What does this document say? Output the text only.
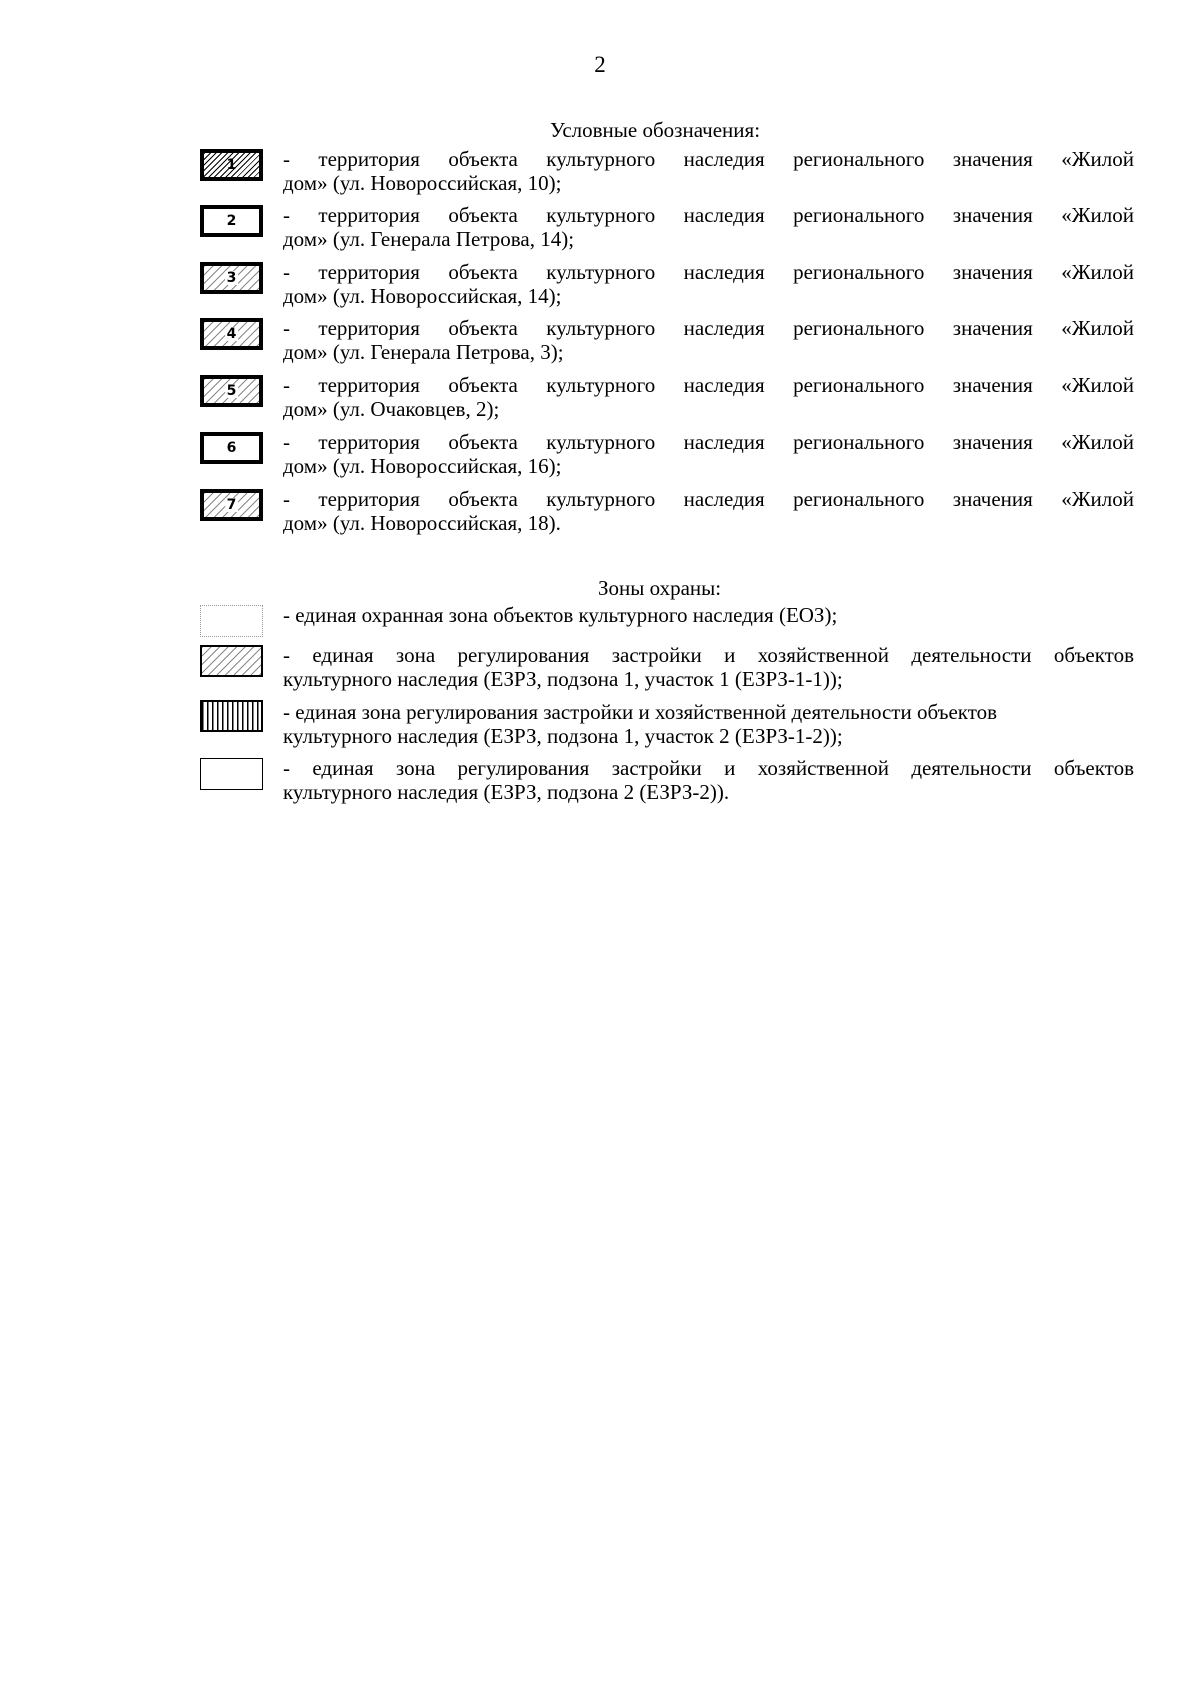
2
Условные обозначения:
1 - территория объекта культурного наследия регионального значения «Жилой
дом» (ул. Новороссийская, 10);
2 - территория объекта культурного наследия регионального значения «Жилой
дом» (ул. Генерала Петрова, 14);
3 - территория объекта культурного наследия регионального значения «Жилой
дом» (ул. Новороссийская, 14);
4 - территория объекта культурного наследия регионального значения «Жилой
дом» (ул. Генерала Петрова, 3);
5 - территория объекта культурного наследия регионального значения «Жилой
дом» (ул. Очаковцев, 2);
6 - территория объекта культурного наследия регионального значения «Жилой
дом» (ул. Новороссийская, 16);
7 - территория объекта культурного наследия регионального значения «Жилой
дом» (ул. Новороссийская, 18).
Зоны охраны:
- единая охранная зона объектов культурного наследия (ЕОЗ);
- единая зона регулирования застройки и хозяйственной деятельности объектов
культурного наследия (ЕЗРЗ, подзона 1, участок 1 (ЕЗРЗ-1-1));
- единая зона регулирования застройки и хозяйственной деятельности объектов
культурного наследия (ЕЗРЗ, подзона 1, участок 2 (ЕЗРЗ-1-2));
- единая зона регулирования застройки и хозяйственной деятельности объектов
культурного наследия (ЕЗРЗ, подзона 2 (ЕЗРЗ-2)).
